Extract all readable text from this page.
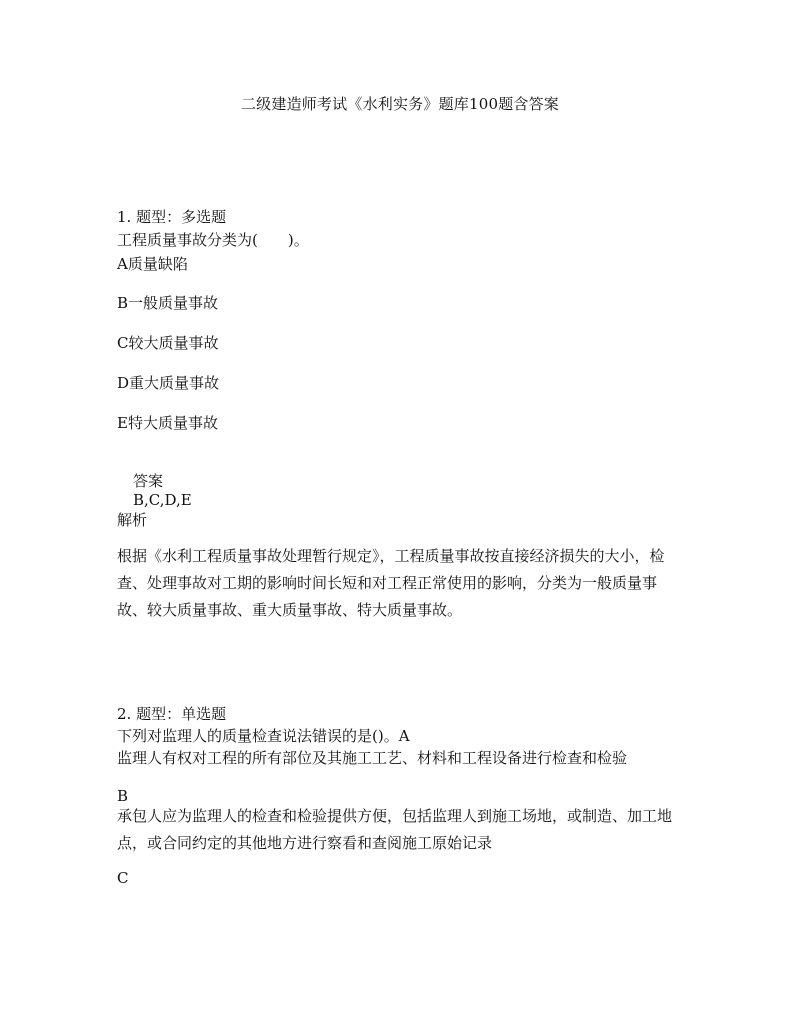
二级建造师考试《水利实务》题库100题含答案
1. 题型：多选题
工程质量事故分类为(　　)。
A质量缺陷
B一般质量事故
C较大质量事故
D重大质量事故
E特大质量事故
答案
B,C,D,E
解析
根据《水利工程质量事故处理暂行规定》，工程质量事故按直接经济损失的大小，检
查、处理事故对工期的影响时间长短和对工程正常使用的影响，分类为一般质量事
故、较大质量事故、重大质量事故、特大质量事故。
2. 题型：单选题
下列对监理人的质量检查说法错误的是()。A
监理人有权对工程的所有部位及其施工工艺、材料和工程设备进行检查和检验
B
承包人应为监理人的检查和检验提供方便，包括监理人到施工场地，或制造、加工地
点，或合同约定的其他地方进行察看和查阅施工原始记录
C
